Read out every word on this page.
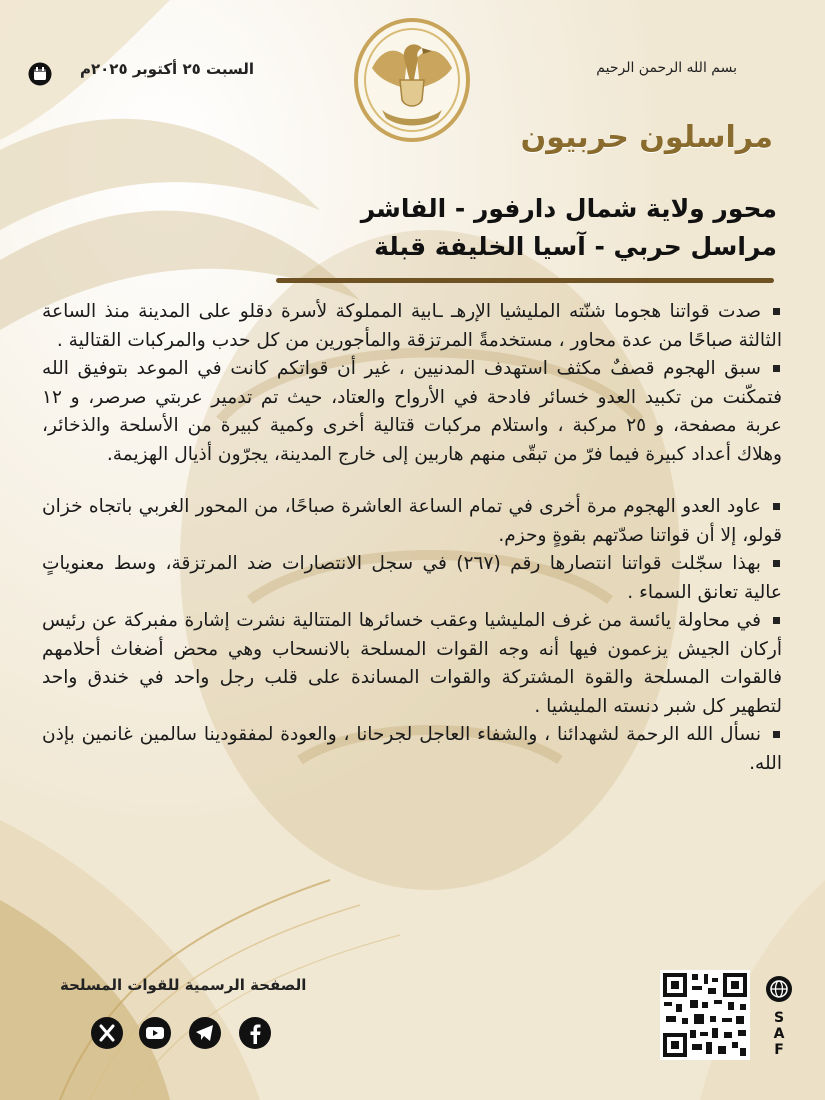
بسم الله الرحمن الرحيم
السبت ٢٥ أكتوبر ٢٠٢٥م
مراسلون حربيون
محور ولاية شمال دارفور - الفاشر
مراسل حربي - آسيا الخليفة قبلة

صدت قواتنا هجوما شنّته المليشيا الإرهـ ـابية المملوكة لأسرة دقلو على المدينة منذ الساعة الثالثة صباحًا من عدة محاور ، مستخدمةً المرتزقة والمأجورين من كل حدب والمركبات القتالية .

سبق الهجوم قصفٌ مكثف استهدف المدنيين ، غير أن قواتكم كانت في الموعد بتوفيق الله فتمكّنت من تكبيد العدو خسائر فادحة في الأرواح والعتاد، حيث تم تدمير عربتي صرصر، و ١٢ عربة مصفحة، و ٢٥ مركبة ، واستلام مركبات قتالية أخرى وكمية كبيرة من الأسلحة والذخائر، وهلاك أعداد كبيرة فيما فرّ من تبقّى منهم هاربين إلى خارج المدينة، يجرّون أذيال الهزيمة.

عاود العدو الهجوم مرة أخرى في تمام الساعة العاشرة صباحًا، من المحور الغربي باتجاه خزان قولو، إلا أن قواتنا صدّتهم بقوةٍ وحزم.

بهذا سجّلت قواتنا انتصارها رقم (٢٦٧) في سجل الانتصارات ضد المرتزقة، وسط معنوياتٍ عالية تعانق السماء .

في محاولة يائسة من غرف المليشيا وعقب خسائرها المتتالية نشرت إشارة مفبركة عن رئيس أركان الجيش يزعمون فيها أنه وجه القوات المسلحة بالانسحاب وهي محض أضغاث أحلامهم فالقوات المسلحة والقوة المشتركة والقوات المساندة على قلب رجل واحد في خندق واحد لتطهير كل شبر دنسته المليشيا .

نسأل الله الرحمة لشهدائنا ، والشفاء العاجل لجرحانا ، والعودة لمفقودينا سالمين غانمين بإذن الله.

الصفحة الرسمية للقوات المسلحة
S
A
F
